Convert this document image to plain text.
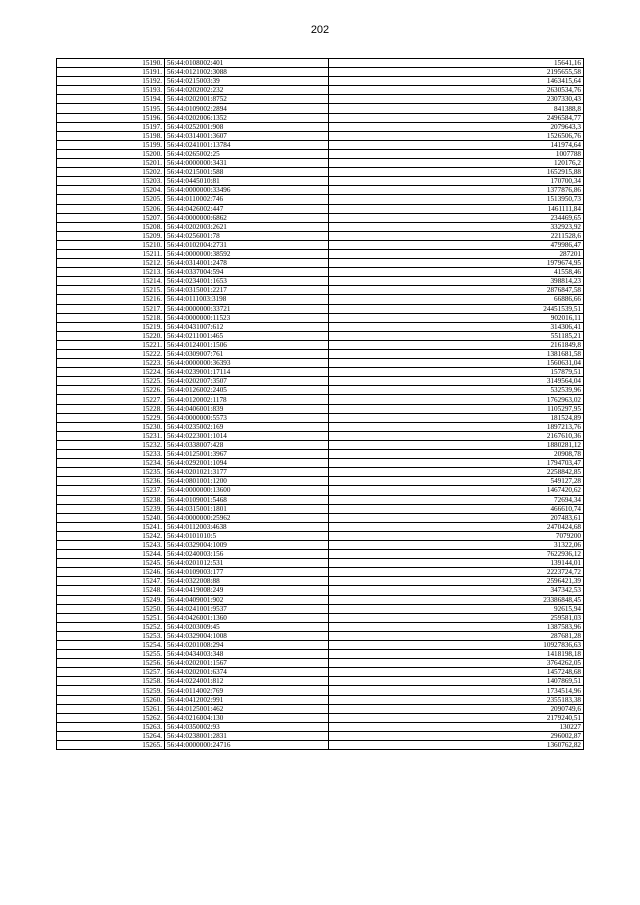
202
15190.	56:44:0108002:401	15641,16
15191.	56:44:0121002:3088	2195655,58
15192.	56:44:0215003:39	1463415,64
15193.	56:44:0202002:232	2630534,76
15194.	56:44:0202001:8752	2307330,43
15195.	56:44:0109002:2894	841388,8
15196.	56:44:0202006:1352	2496584,77
15197.	56:44:0252001:908	2079643,3
15198.	56:44:0314001:3607	1526506,76
15199.	56:44:0241001:13784	141974,64
15200.	56:44:0265002:25	1007788
15201.	56:44:0000000:3431	120176,2
15202.	56:44:0215001:588	1652915,88
15203.	56:44:0445010:81	170700,34
15204.	56:44:0000000:33496	1377876,86
15205.	56:44:0110002:746	1513950,73
15206.	56:44:0426002:447	1461111,84
15207.	56:44:0000000:6862	234469,65
15208.	56:44:0202003:2621	332923,92
15209.	56:44:0256001:78	2211528,6
15210.	56:44:0102004:2731	479986,47
15211.	56:44:0000000:38592	287201
15212.	56:44:0314001:2478	1979674,95
15213.	56:44:0337004:594	41558,46
15214.	56:44:0234001:1653	398814,23
15215.	56:44:0315001:2217	2876847,58
15216.	56:44:0111003:3198	66886,66
15217.	56:44:0000000:33721	24451539,51
15218.	56:44:0000000:11523	902016,11
15219.	56:44:0431007:612	314306,41
15220.	56:44:0211001:465	551185,21
15221.	56:44:0124001:1506	2161849,8
15222.	56:44:0309007:761	1381681,58
15223.	56:44:0000000:36393	1560631,04
15224.	56:44:0239001:17114	157879,51
15225.	56:44:0202007:3507	3149564,04
15226.	56:44:0126002:2405	532539,96
15227.	56:44:0120002:1178	1762963,02
15228.	56:44:0406001:839	1105297,95
15229.	56:44:0000000:5573	181524,89
15230.	56:44:0235002:169	1897213,76
15231.	56:44:0223001:1014	2167610,36
15232.	56:44:0338007:428	1880281,12
15233.	56:44:0125001:3967	20908,78
15234.	56:44:0292001:1094	1794703,47
15235.	56:44:0201021:3177	2258842,85
15236.	56:44:0801001:1200	549127,28
15237.	56:44:0000000:13600	1467420,62
15238.	56:44:0109001:5468	72694,34
15239.	56:44:0315001:1801	466610,74
15240.	56:44:0000000:25962	207483,61
15241.	56:44:0112003:4638	2470424,68
15242.	56:44:0101010:5	7079200
15243.	56:44:0329004:1009	31322,06
15244.	56:44:0240003:156	7622936,12
15245.	56:44:0201012:531	139144,01
15246.	56:44:0109003:177	2223724,72
15247.	56:44:0322008:88	2596421,39
15248.	56:44:0419008:249	347342,53
15249.	56:44:0409001:902	23386848,45
15250.	56:44:0241001:9537	92615,94
15251.	56:44:0426001:1360	259581,03
15252.	56:44:0203009:45	1387583,96
15253.	56:44:0329004:1008	287681,28
15254.	56:44:0201008:294	10927836,63
15255.	56:44:0434003:348	1418198,18
15256.	56:44:0202001:1567	3764262,05
15257.	56:44:0202001:6374	1457248,68
15258.	56:44:0224001:812	1407869,51
15259.	56:44:0114002:769	1734514,96
15260.	56:44:0412002:991	2355183,38
15261.	56:44:0125001:462	2090749,6
15262.	56:44:0216004:130	2179240,51
15263.	56:44:0350002:93	130227
15264.	56:44:0238001:2831	296002,87
15265.	56:44:0000000:24716	1360762,82
